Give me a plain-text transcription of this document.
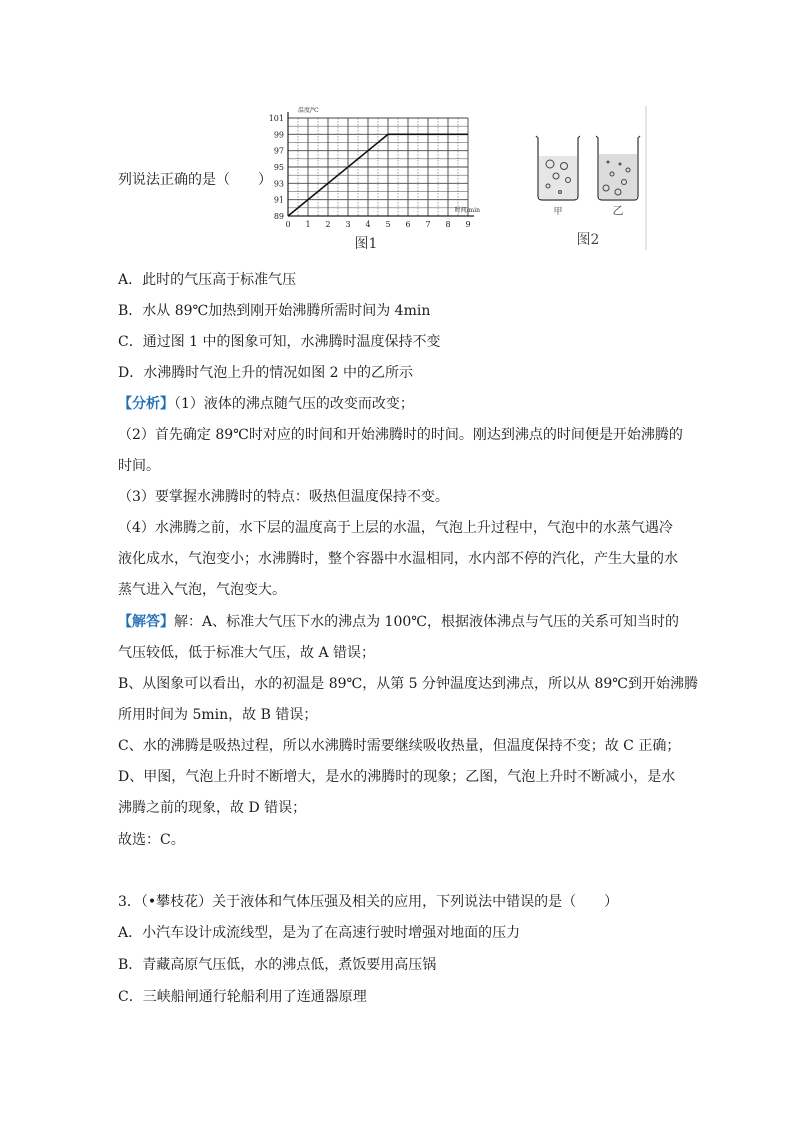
89
91
93
95
97
99
101
0 1 2 3 4 5 6 7 8 9
温度/℃
时间/min
图1
甲	乙
图2
列说法正确的是（　　）
A．此时的气压高于标准气压
B．水从 89℃加热到刚开始沸腾所需时间为 4min
C．通过图 1 中的图象可知，水沸腾时温度保持不变
D．水沸腾时气泡上升的情况如图 2 中的乙所示
【分析】（1）液体的沸点随气压的改变而改变；
（2）首先确定 89℃时对应的时间和开始沸腾时的时间。刚达到沸点的时间便是开始沸腾的
时间。
（3）要掌握水沸腾时的特点：吸热但温度保持不变。
（4）水沸腾之前，水下层的温度高于上层的水温，气泡上升过程中，气泡中的水蒸气遇冷
液化成水，气泡变小；水沸腾时，整个容器中水温相同，水内部不停的汽化，产生大量的水
蒸气进入气泡，气泡变大。
【解答】解：A、标准大气压下水的沸点为 100℃，根据液体沸点与气压的关系可知当时的
气压较低，低于标准大气压，故 A 错误；
B、从图象可以看出，水的初温是 89℃，从第 5 分钟温度达到沸点，所以从 89℃到开始沸腾
所用时间为 5min，故 B 错误；
C、水的沸腾是吸热过程，所以水沸腾时需要继续吸收热量，但温度保持不变；故 C 正确；
D、甲图，气泡上升时不断增大，是水的沸腾时的现象；乙图，气泡上升时不断减小，是水
沸腾之前的现象，故 D 错误；
故选：C。
3．（•攀枝花）关于液体和气体压强及相关的应用，下列说法中错误的是（　　）
A．小汽车设计成流线型，是为了在高速行驶时增强对地面的压力
B．青藏高原气压低，水的沸点低，煮饭要用高压锅
C．三峡船闸通行轮船利用了连通器原理
